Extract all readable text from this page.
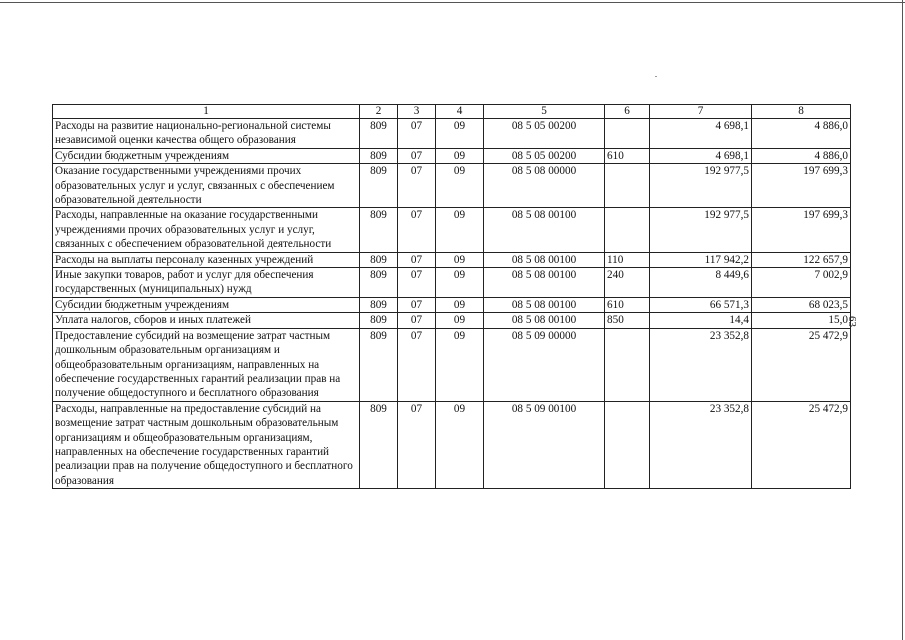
63
1	2	3	4	5	6	7	8
Расходы на развитие национально-региональной системы независимой оценки качества общего образования	809	07	09	08 5 05 00200		4 698,1	4 886,0
Субсидии бюджетным учреждениям	809	07	09	08 5 05 00200	610	4 698,1	4 886,0
Оказание государственными учреждениями прочих образовательных услуг и услуг, связанных с обеспечением образовательной деятельности	809	07	09	08 5 08 00000		192 977,5	197 699,3
Расходы, направленные на оказание государственными учреждениями прочих образовательных услуг и услуг, связанных с обеспечением образовательной деятельности	809	07	09	08 5 08 00100		192 977,5	197 699,3
Расходы на выплаты персоналу казенных учреждений	809	07	09	08 5 08 00100	110	117 942,2	122 657,9
Иные закупки товаров, работ и услуг для обеспечения государственных (муниципальных) нужд	809	07	09	08 5 08 00100	240	8 449,6	7 002,9
Субсидии бюджетным учреждениям	809	07	09	08 5 08 00100	610	66 571,3	68 023,5
Уплата налогов, сборов и иных платежей	809	07	09	08 5 08 00100	850	14,4	15,0
Предоставление субсидий на возмещение затрат частным дошкольным образовательным организациям и общеобразовательным организациям, направленных на обеспечение государственных гарантий реализации прав на получение общедоступного и бесплатного образования	809	07	09	08 5 09 00000		23 352,8	25 472,9
Расходы, направленные на предоставление субсидий на возмещение затрат частным дошкольным образовательным организациям и общеобразовательным организациям, направленных на обеспечение государственных гарантий реализации прав на получение общедоступного и бесплатного образования	809	07	09	08 5 09 00100		23 352,8	25 472,9
